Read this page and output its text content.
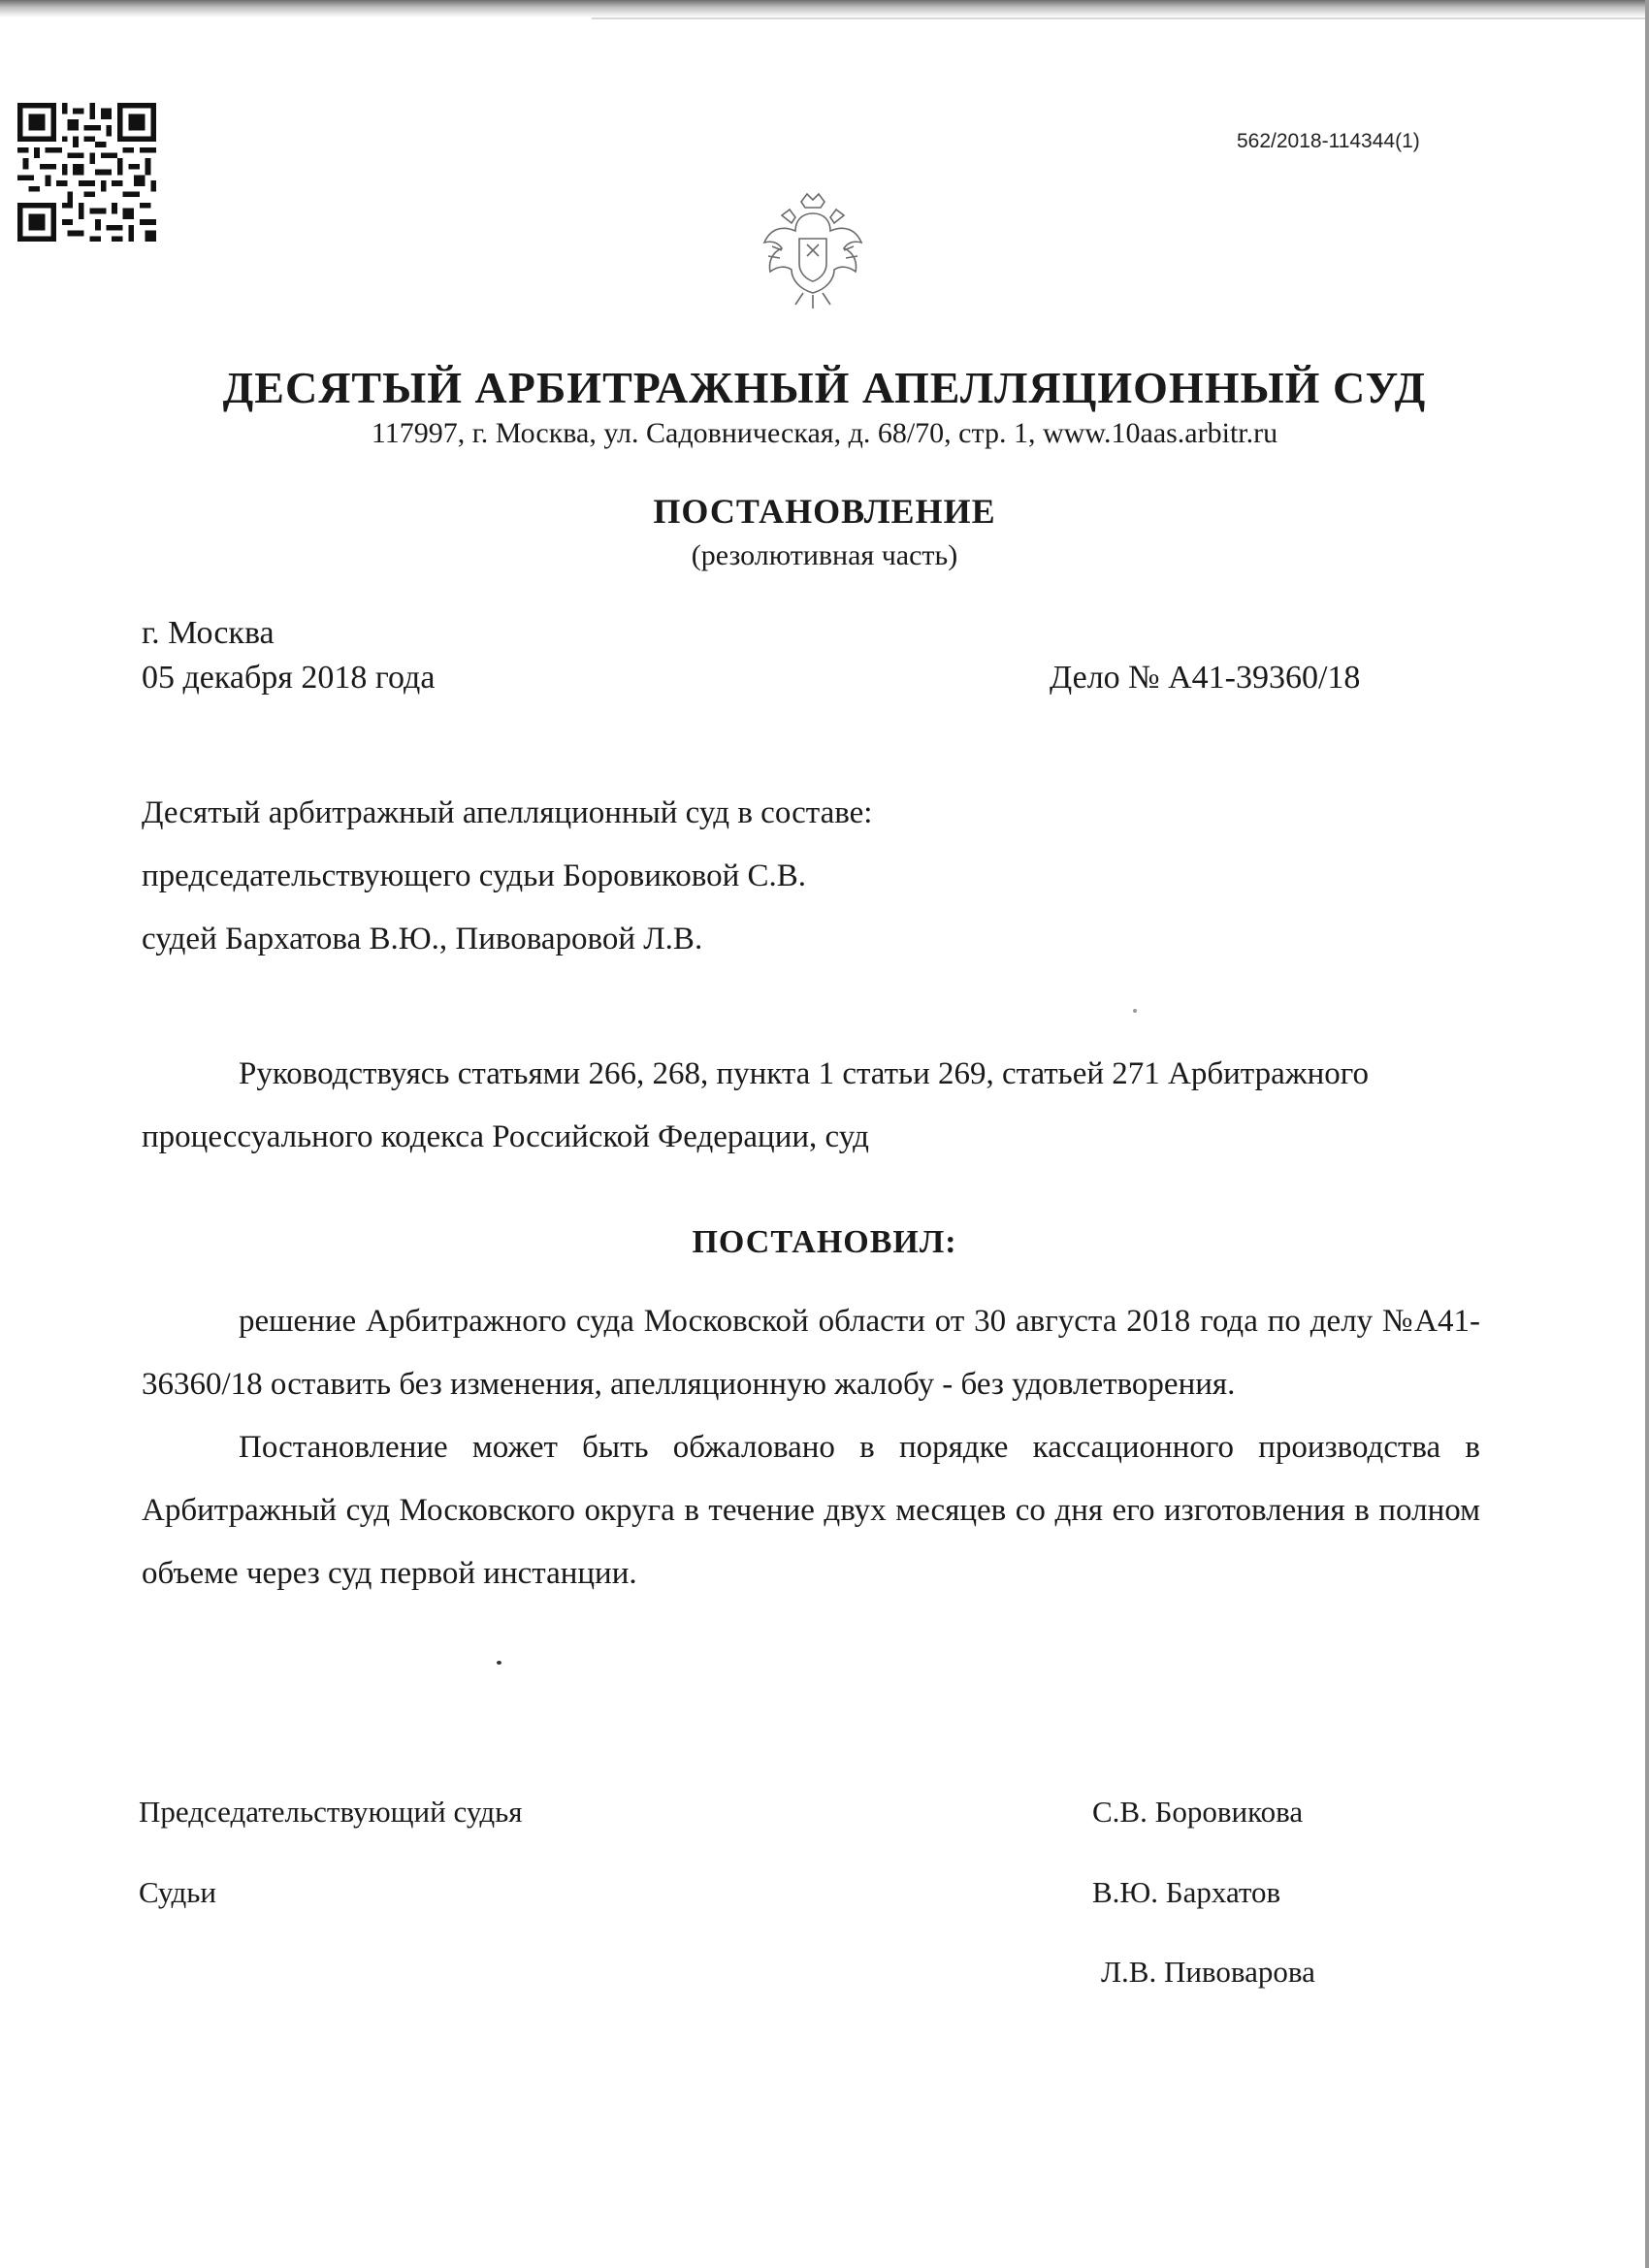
562/2018-114344(1)
ДЕСЯТЫЙ АРБИТРАЖНЫЙ АПЕЛЛЯЦИОННЫЙ СУД
117997, г. Москва, ул. Садовническая, д. 68/70, стр. 1, www.10aas.arbitr.ru
ПОСТАНОВЛЕНИЕ
(резолютивная часть)
г. Москва
05 декабря 2018 года	Дело № А41-39360/18
Десятый арбитражный апелляционный суд в составе:
председательствующего судьи Боровиковой С.В.
судей Бархатова В.Ю., Пивоваровой Л.В.
Руководствуясь статьями 266, 268, пункта 1 статьи 269, статьей 271 Арбитражного процессуального кодекса Российской Федерации, суд
ПОСТАНОВИЛ:
решение Арбитражного суда Московской области от 30 августа 2018 года по делу №А41-36360/18 оставить без изменения, апелляционную жалобу - без удовлетворения.
Постановление может быть обжаловано в порядке кассационного производства в Арбитражный суд Московского округа в течение двух месяцев со дня его изготовления в полном объеме через суд первой инстанции.
Председательствующий судья	С.В. Боровикова
Судьи	В.Ю. Бархатов
Л.В. Пивоварова
